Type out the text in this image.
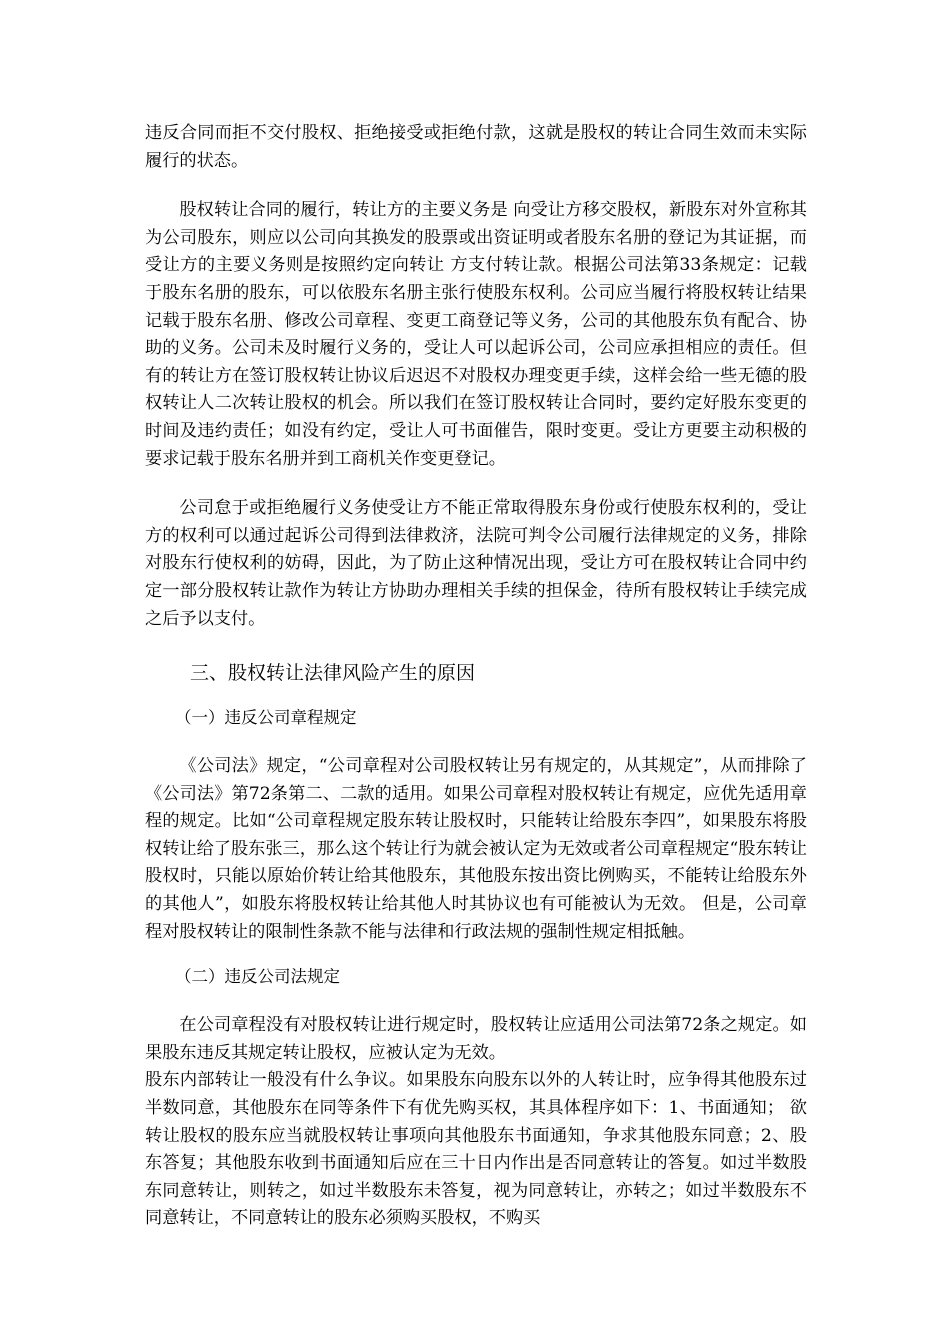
违反合同而拒不交付股权、拒绝接受或拒绝付款，这就是股权的转让合同生效而未实际履行的状态。

股权转让合同的履行，转让方的主要义务是 向受让方移交股权，新股东对外宣称其为公司股东，则应以公司向其换发的股票或出资证明或者股东名册的登记为其证据，而受让方的主要义务则是按照约定向转让 方支付转让款。根据公司法第33条规定：记载于股东名册的股东，可以依股东名册主张行使股东权利。公司应当履行将股权转让结果记载于股东名册、修改公司章程、变更工商登记等义务，公司的其他股东负有配合、协助的义务。公司未及时履行义务的，受让人可以起诉公司，公司应承担相应的责任。但有的转让方在签订股权转让协议后迟迟不对股权办理变更手续，这样会给一些无德的股权转让人二次转让股权的机会。所以我们在签订股权转让合同时，要约定好股东变更的时间及违约责任；如没有约定，受让人可书面催告，限时变更。受让方更要主动积极的要求记载于股东名册并到工商机关作变更登记。

公司怠于或拒绝履行义务使受让方不能正常取得股东身份或行使股东权利的，受让方的权利可以通过起诉公司得到法律救济，法院可判令公司履行法律规定的义务，排除对股东行使权利的妨碍，因此，为了防止这种情况出现，受让方可在股权转让合同中约定一部分股权转让款作为转让方协助办理相关手续的担保金，待所有股权转让手续完成之后予以支付。

三、股权转让法律风险产生的原因

（一）违反公司章程规定

《公司法》规定，“公司章程对公司股权转让另有规定的，从其规定”，从而排除了《公司法》第72条第二、二款的适用。如果公司章程对股权转让有规定，应优先适用章程的规定。比如“公司章程规定股东转让股权时，只能转让给股东李四”，如果股东将股权转让给了股东张三，那么这个转让行为就会被认定为无效或者公司章程规定“股东转让股权时，只能以原始价转让给其他股东，其他股东按出资比例购买，不能转让给股东外的其他人”，如股东将股权转让给其他人时其协议也有可能被认为无效。 但是，公司章程对股权转让的限制性条款不能与法律和行政法规的强制性规定相抵触。

（二）违反公司法规定

在公司章程没有对股权转让进行规定时，股权转让应适用公司法第72条之规定。如果股东违反其规定转让股权，应被认定为无效。

股东内部转让一般没有什么争议。如果股东向股东以外的人转让时，应争得其他股东过半数同意，其他股东在同等条件下有优先购买权，其具体程序如下：1、书面通知； 欲转让股权的股东应当就股权转让事项向其他股东书面通知，争求其他股东同意；2、股东答复；其他股东收到书面通知后应在三十日内作出是否同意转让的答复。如过半数股东同意转让，则转之，如过半数股东未答复，视为同意转让，亦转之；如过半数股东不同意转让，不同意转让的股东必须购买股权，不购买
